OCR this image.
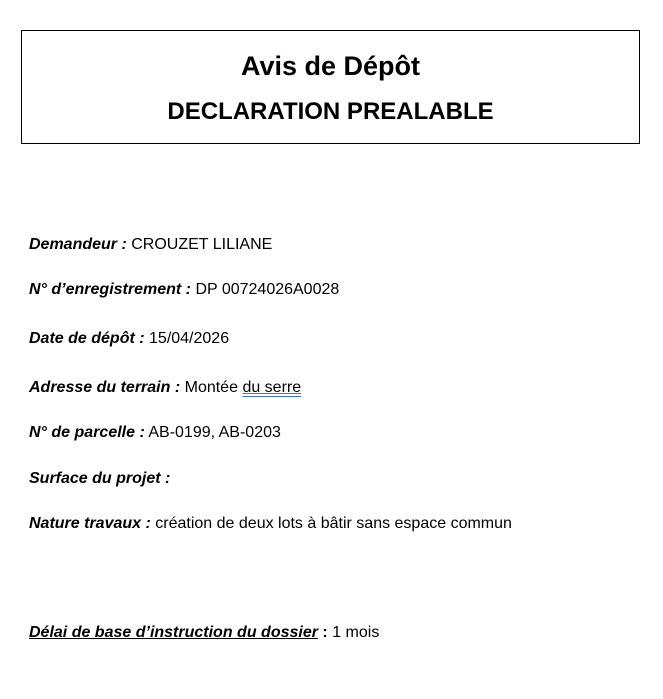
Avis de Dépôt
DECLARATION PREALABLE
Demandeur : CROUZET LILIANE
N° d’enregistrement : DP 00724026A0028
Date de dépôt : 15/04/2026
Adresse du terrain : Montée du serre
N° de parcelle : AB-0199, AB-0203
Surface du projet :
Nature travaux : création de deux lots à bâtir sans espace commun
Délai de base d’instruction du dossier : 1 mois
